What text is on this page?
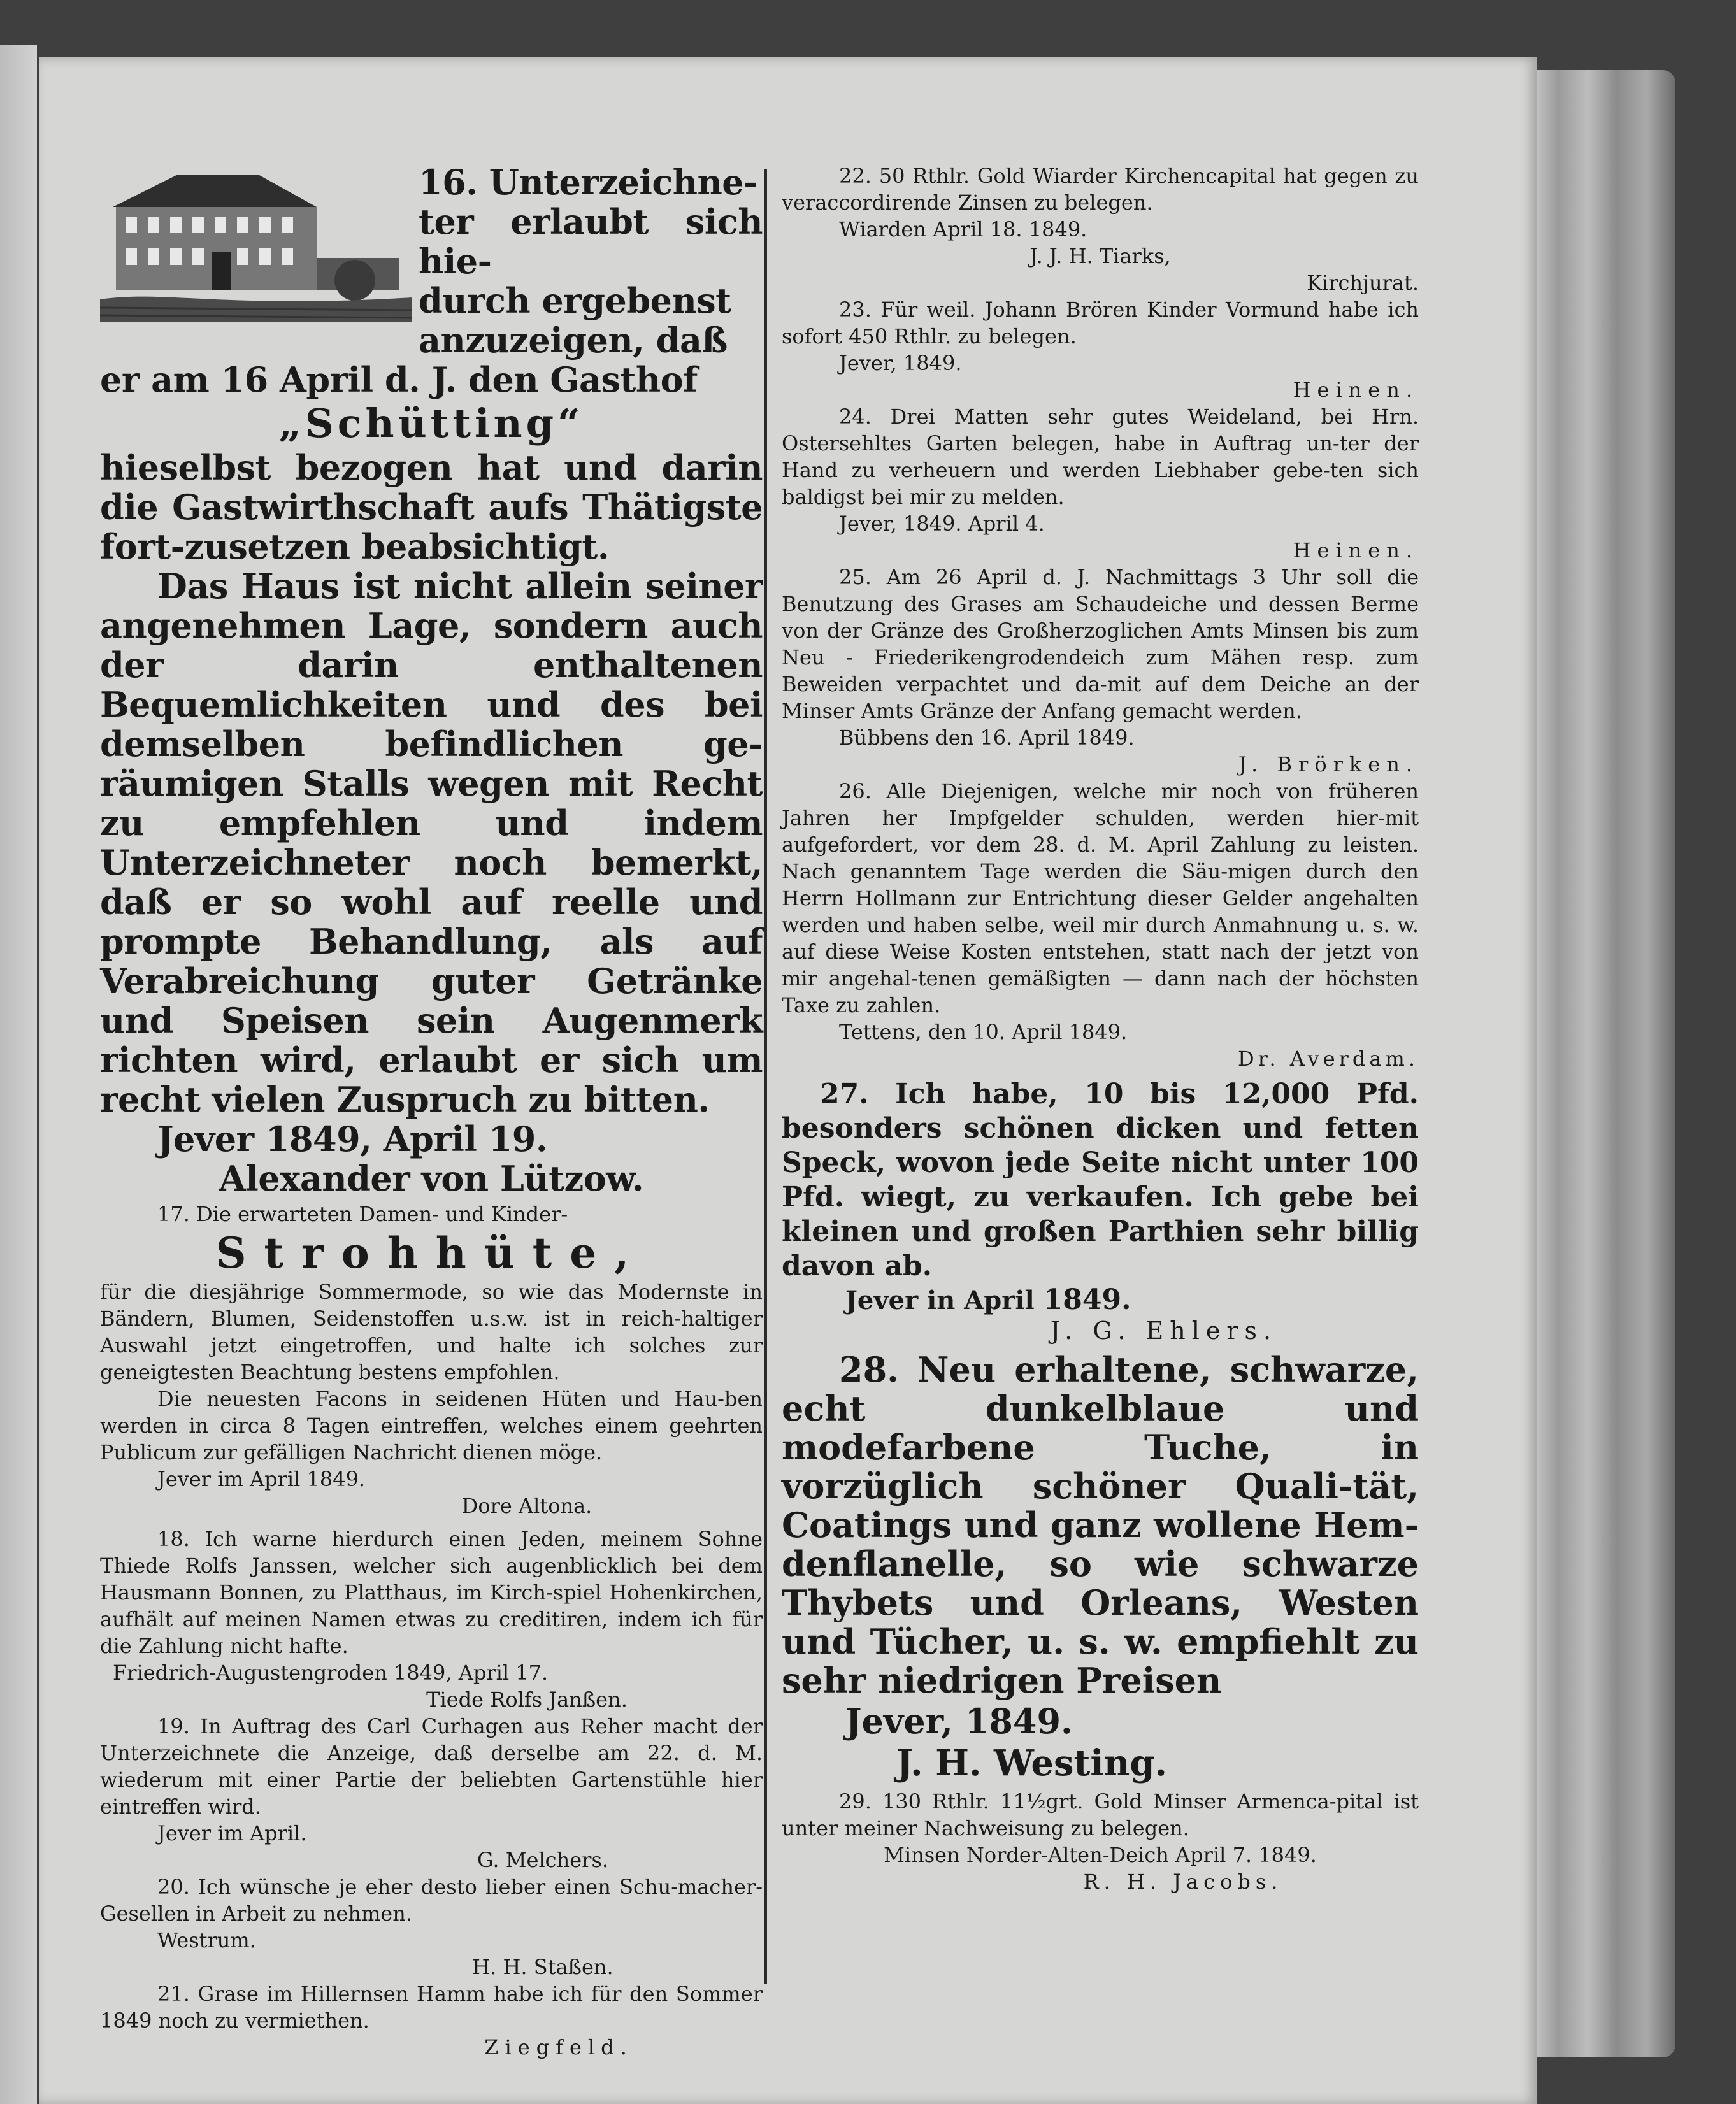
16. Unterzeichne-

ter erlaubt sich hie-

durch ergebenst

anzuzeigen, daß

er am 16 April d. J. den Gasthof

„Schütting“

hieselbst bezogen hat und darin die Gastwirthschaft aufs Thätigste fort-zusetzen beabsichtigt.

Das Haus ist nicht allein seiner angenehmen Lage, sondern auch der darin enthaltenen Bequemlichkeiten und des bei demselben befindlichen ge-räumigen Stalls wegen mit Recht zu empfehlen und indem Unterzeichneter noch bemerkt, daß er so wohl auf reelle und prompte Behandlung, als auf Verabreichung guter Getränke und Speisen sein Augenmerk richten wird, erlaubt er sich um recht vielen Zuspruch zu bitten.

Jever 1849, April 19.

Alexander von Lützow.

17. Die erwarteten Damen- und Kinder-

Strohhüte,

für die diesjährige Sommermode, so wie das Modernste in Bändern, Blumen, Seidenstoffen u.s.w. ist in reich-haltiger Auswahl jetzt eingetroffen, und halte ich solches zur geneigtesten Beachtung bestens empfohlen.

Die neuesten Facons in seidenen Hüten und Hau-ben werden in circa 8 Tagen eintreffen, welches einem geehrten Publicum zur gefälligen Nachricht dienen möge.

Jever im April 1849.

Dore Altona.

18. Ich warne hierdurch einen Jeden, meinem Sohne Thiede Rolfs Janssen, welcher sich augenblicklich bei dem Hausmann Bonnen, zu Platthaus, im Kirch-spiel Hohenkirchen, aufhält auf meinen Namen etwas zu creditiren, indem ich für die Zahlung nicht hafte.

Friedrich-Augustengroden 1849, April 17.

Tiede Rolfs Janßen.

19. In Auftrag des Carl Curhagen aus Reher macht der Unterzeichnete die Anzeige, daß derselbe am 22. d. M. wiederum mit einer Partie der beliebten Gartenstühle hier eintreffen wird.

Jever im April.

G. Melchers.

20. Ich wünsche je eher desto lieber einen Schu-macher-Gesellen in Arbeit zu nehmen.

Westrum.

H. H. Staßen.

21. Grase im Hillernsen Hamm habe ich für den Sommer 1849 noch zu vermiethen.

Ziegfeld.

22. 50 Rthlr. Gold Wiarder Kirchencapital hat gegen zu veraccordirende Zinsen zu belegen.

Wiarden April 18. 1849.

J. J. H. Tiarks,

Kirchjurat.

23. Für weil. Johann Brören Kinder Vormund habe ich sofort 450 Rthlr. zu belegen.

Jever, 1849.

Heinen.

24. Drei Matten sehr gutes Weideland, bei Hrn. Ostersehltes Garten belegen, habe in Auftrag un-ter der Hand zu verheuern und werden Liebhaber gebe-ten sich baldigst bei mir zu melden.

Jever, 1849. April 4.

Heinen.

25. Am 26 April d. J. Nachmittags 3 Uhr soll die Benutzung des Grases am Schaudeiche und dessen Berme von der Gränze des Großherzoglichen Amts Minsen bis zum Neu - Friederikengrodendeich zum Mähen resp. zum Beweiden verpachtet und da-mit auf dem Deiche an der Minser Amts Gränze der Anfang gemacht werden.

Bübbens den 16. April 1849.

J. Brörken.

26. Alle Diejenigen, welche mir noch von früheren Jahren her Impfgelder schulden, werden hier-mit aufgefordert, vor dem 28. d. M. April Zahlung zu leisten. Nach genanntem Tage werden die Säu-migen durch den Herrn Hollmann zur Entrichtung dieser Gelder angehalten werden und haben selbe, weil mir durch Anmahnung u. s. w. auf diese Weise Kosten entstehen, statt nach der jetzt von mir angehal-tenen gemäßigten — dann nach der höchsten Taxe zu zahlen.

Tettens, den 10. April 1849.

Dr. Averdam.

27. Ich habe, 10 bis 12,000 Pfd. besonders schönen dicken und fetten Speck, wovon jede Seite nicht unter 100 Pfd. wiegt, zu verkaufen. Ich gebe bei kleinen und großen Parthien sehr billig davon ab.

Jever in April 1849.

J. G. Ehlers.

28. Neu erhaltene, schwarze, echt dunkelblaue und modefarbene Tuche, in vorzüglich schöner Quali-tät, Coatings und ganz wollene Hem-denflanelle, so wie schwarze Thybets und Orleans, Westen und Tücher, u. s. w. empfiehlt zu sehr niedrigen Preisen

Jever, 1849.

J. H. Westing.

29. 130 Rthlr. 11½grt. Gold Minser Armenca-pital ist unter meiner Nachweisung zu belegen.

Minsen Norder-Alten-Deich April 7. 1849.

R. H. Jacobs.
